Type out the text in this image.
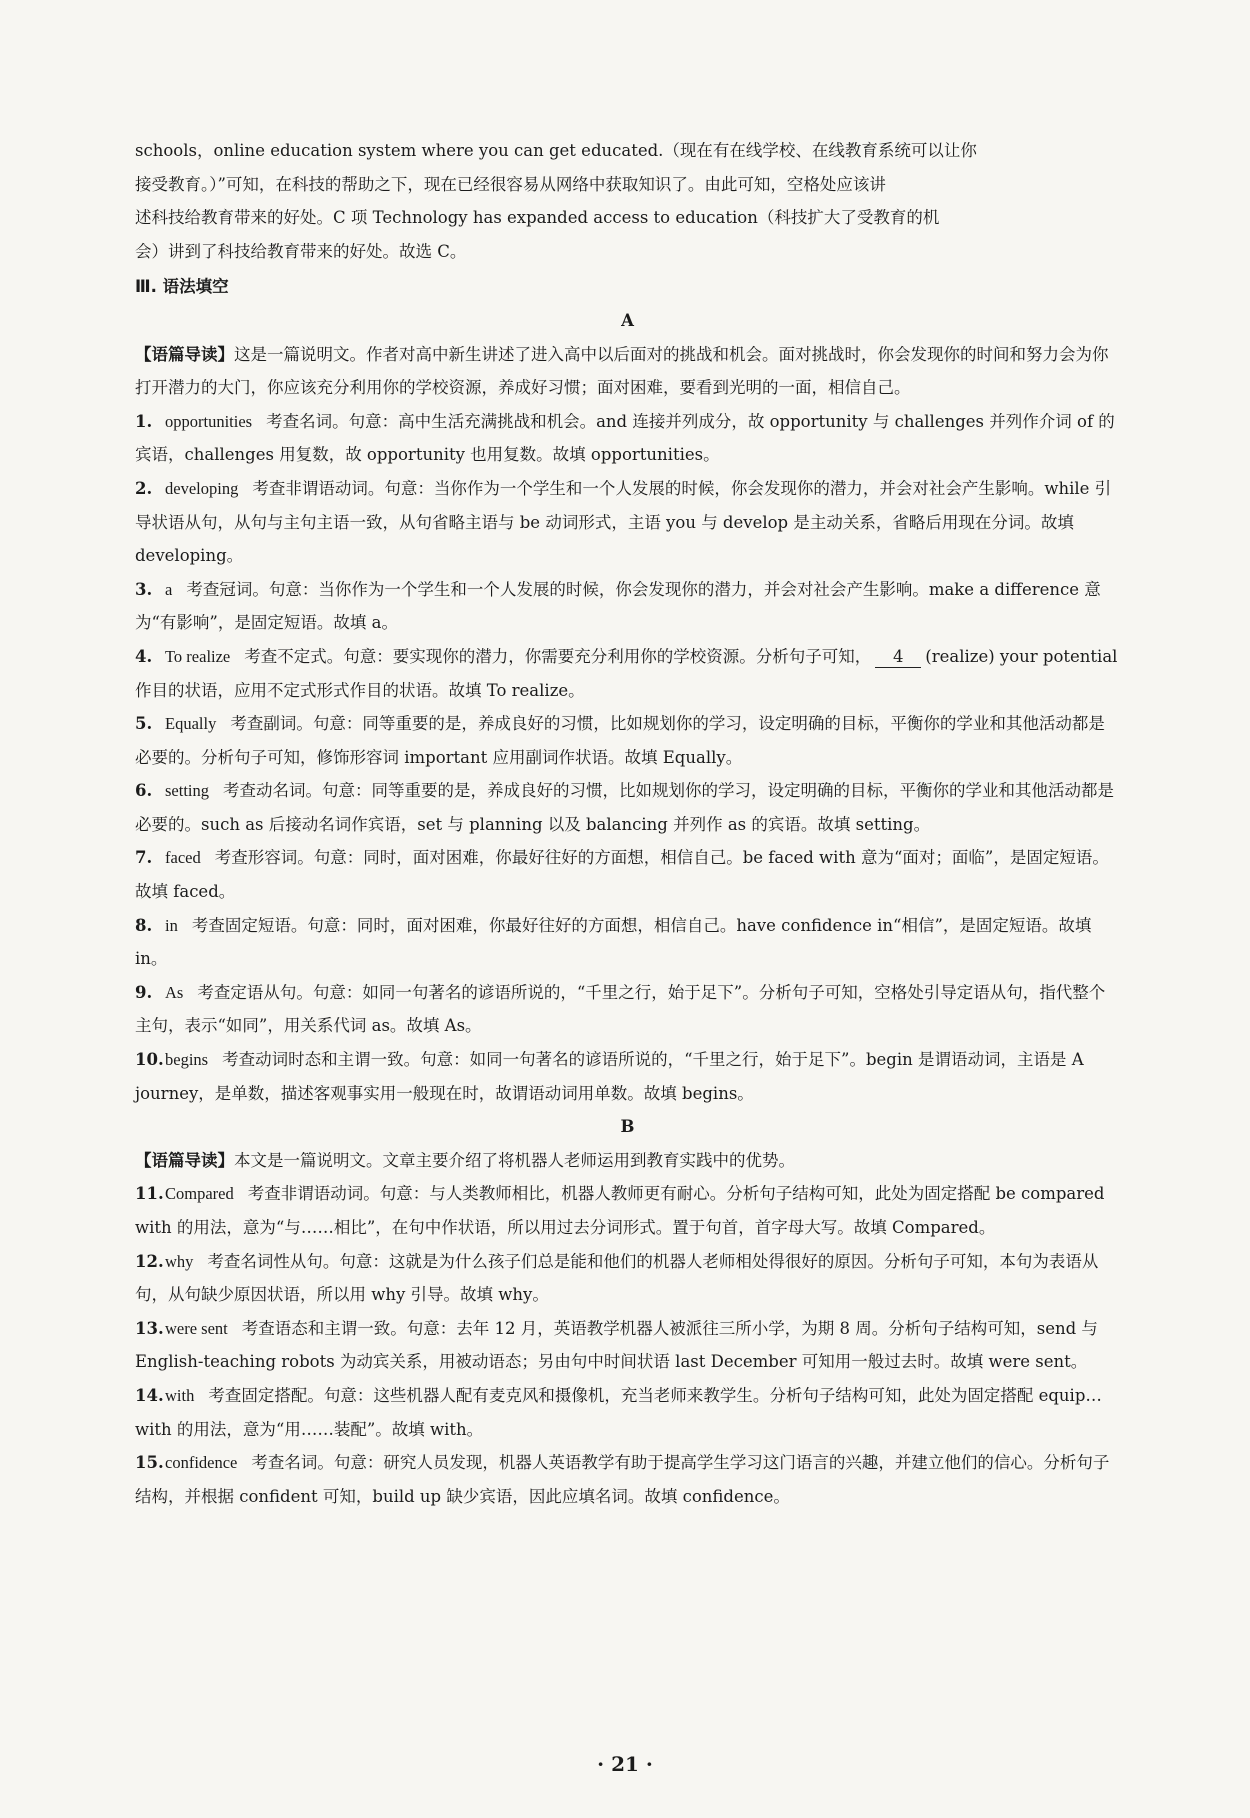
schools，online education system where you can get educated.（现在有在线学校、在线教育系统可以让你
接受教育。）”可知，在科技的帮助之下，现在已经很容易从网络中获取知识了。由此可知，空格处应该讲
述科技给教育带来的好处。C 项 Technology has expanded access to education（科技扩大了受教育的机
会）讲到了科技给教育带来的好处。故选 C。
Ⅲ. 语法填空
A
【语篇导读】这是一篇说明文。作者对高中新生讲述了进入高中以后面对的挑战和机会。面对挑战时，你会发现你的时间和努力会为你打开潜力的大门，你应该充分利用你的学校资源，养成好习惯；面对困难，要看到光明的一面，相信自己。
1. opportunities 考查名词。句意：高中生活充满挑战和机会。and 连接并列成分，故 opportunity 与 challenges 并列作介词 of 的宾语，challenges 用复数，故 opportunity 也用复数。故填 opportunities。
2. developing 考查非谓语动词。句意：当你作为一个学生和一个人发展的时候，你会发现你的潜力，并会对社会产生影响。while 引导状语从句，从句与主句主语一致，从句省略主语与 be 动词形式，主语 you 与 develop 是主动关系，省略后用现在分词。故填 developing。
3. a 考查冠词。句意：当你作为一个学生和一个人发展的时候，你会发现你的潜力，并会对社会产生影响。make a difference 意为“有影响”，是固定短语。故填 a。
4. To realize 考查不定式。句意：要实现你的潜力，你需要充分利用你的学校资源。分析句子可知， 4 (realize) your potential 作目的状语，应用不定式形式作目的状语。故填 To realize。
5. Equally 考查副词。句意：同等重要的是，养成良好的习惯，比如规划你的学习，设定明确的目标，平衡你的学业和其他活动都是必要的。分析句子可知，修饰形容词 important 应用副词作状语。故填 Equally。
6. setting 考查动名词。句意：同等重要的是，养成良好的习惯，比如规划你的学习，设定明确的目标，平衡你的学业和其他活动都是必要的。such as 后接动名词作宾语，set 与 planning 以及 balancing 并列作 as 的宾语。故填 setting。
7. faced 考查形容词。句意：同时，面对困难，你最好往好的方面想，相信自己。be faced with 意为“面对；面临”，是固定短语。故填 faced。
8. in 考查固定短语。句意：同时，面对困难，你最好往好的方面想，相信自己。have confidence in“相信”，是固定短语。故填 in。
9. As 考查定语从句。句意：如同一句著名的谚语所说的，“千里之行，始于足下”。分析句子可知，空格处引导定语从句，指代整个主句，表示“如同”，用关系代词 as。故填 As。
10.begins 考查动词时态和主谓一致。句意：如同一句著名的谚语所说的，“千里之行，始于足下”。begin 是谓语动词，主语是 A journey，是单数，描述客观事实用一般现在时，故谓语动词用单数。故填 begins。
B
【语篇导读】本文是一篇说明文。文章主要介绍了将机器人老师运用到教育实践中的优势。
11.Compared 考查非谓语动词。句意：与人类教师相比，机器人教师更有耐心。分析句子结构可知，此处为固定搭配 be compared with 的用法，意为“与……相比”，在句中作状语，所以用过去分词形式。置于句首，首字母大写。故填 Compared。
12.why 考查名词性从句。句意：这就是为什么孩子们总是能和他们的机器人老师相处得很好的原因。分析句子可知，本句为表语从句，从句缺少原因状语，所以用 why 引导。故填 why。
13.were sent 考查语态和主谓一致。句意：去年 12 月，英语教学机器人被派往三所小学，为期 8 周。分析句子结构可知，send 与 English-teaching robots 为动宾关系，用被动语态；另由句中时间状语 last December 可知用一般过去时。故填 were sent。
14.with 考查固定搭配。句意：这些机器人配有麦克风和摄像机，充当老师来教学生。分析句子结构可知，此处为固定搭配 equip… with 的用法，意为“用……装配”。故填 with。
15.confidence 考查名词。句意：研究人员发现，机器人英语教学有助于提高学生学习这门语言的兴趣，并建立他们的信心。分析句子结构，并根据 confident 可知，build up 缺少宾语，因此应填名词。故填 confidence。
· 21 ·
